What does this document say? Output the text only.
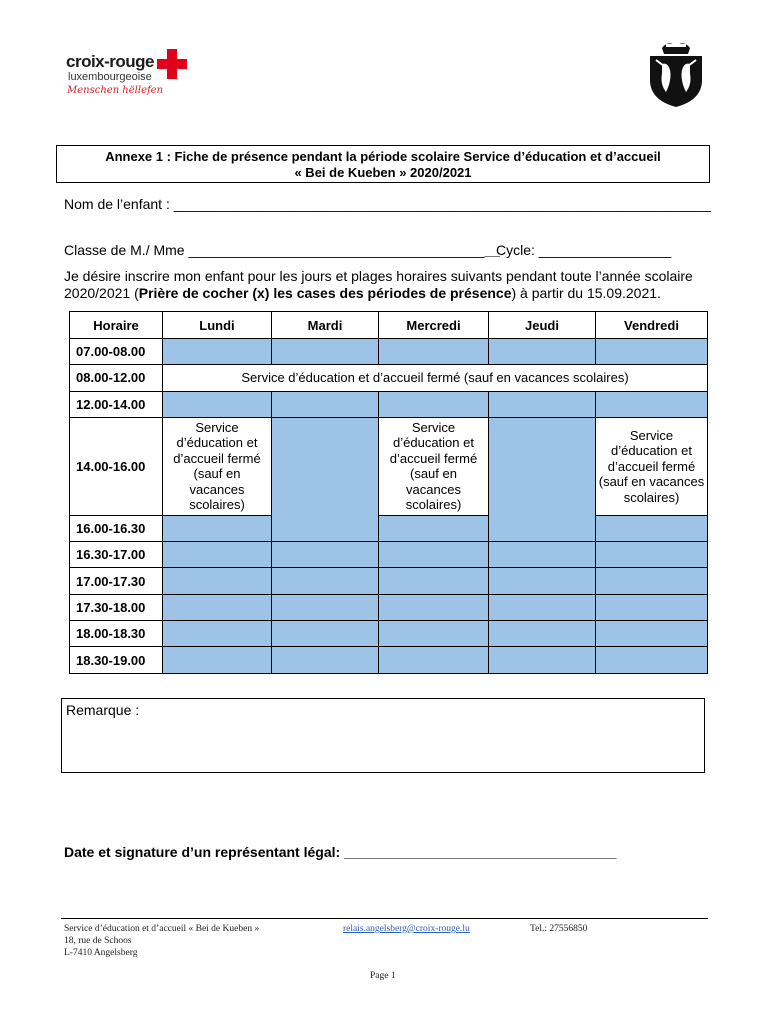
croix-rouge
luxembourgeoise
Menschen hëllefen
Annexe 1 : Fiche de présence pendant la période scolaire Service d’éducation et d’accueil
« Bei de Kueben » 2020/2021
Nom de l’enfant : _____________________________________________________________________
Classe de M./ Mme ________________________________________
Cycle: _________________
Je désire inscrire mon enfant pour les jours et plages horaires suivants pendant toute l’année scolaire
2020/2021 (Prière de cocher (x) les cases des périodes de présence) à partir du 15.09.2021.
Horaire	Lundi	Mardi	Mercredi	Jeudi	Vendredi
07.00-08.00					
08.00-12.00	Service d’éducation et d’accueil fermé (sauf en vacances scolaires)				
12.00-14.00					
14.00-16.00	Service d’éducation et d’accueil fermé (sauf en vacances scolaires)		Service d’éducation et d’accueil fermé (sauf en vacances scolaires)		Service d’éducation et d’accueil fermé (sauf en vacances scolaires)
16.00-16.30					
16.30-17.00					
17.00-17.30					
17.30-18.00					
18.00-18.30					
18.30-19.00					
Remarque :
Date et signature d’un représentant légal: ___________________________________
Service d’éducation et d’accueil « Bei de Kueben »
18, rue de Schoos
L-7410 Angelsberg
relais.angelsberg@croix-rouge.lu	Tel.: 27556850
Page 1
